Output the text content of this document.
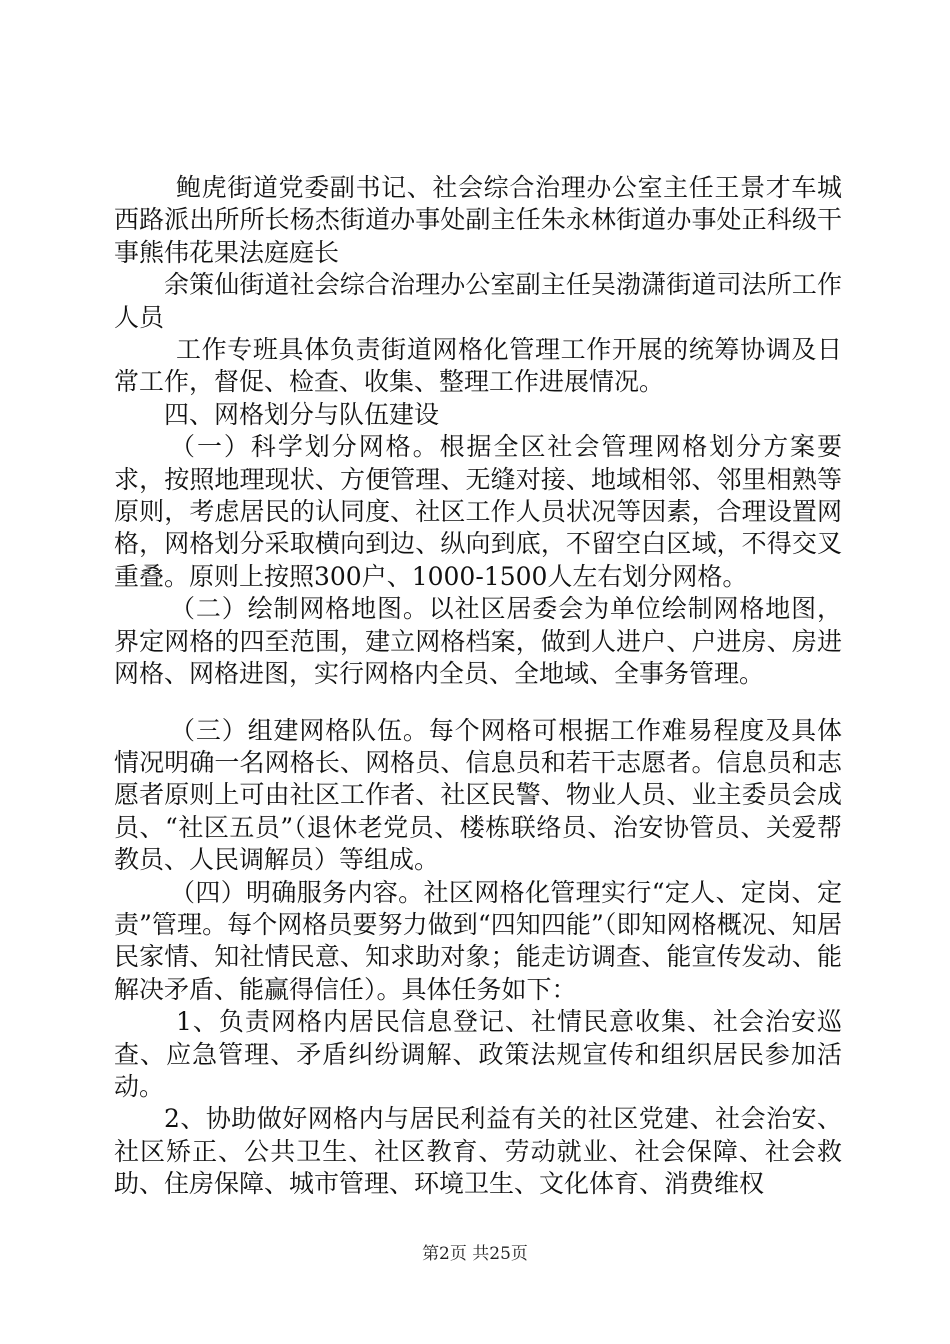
鲍虎街道党委副书记、社会综合治理办公室主任王景才车城西路派出所所长杨杰街道办事处副主任朱永林街道办事处正科级干事熊伟花果法庭庭长

余策仙街道社会综合治理办公室副主任吴渤潇街道司法所工作人员

工作专班具体负责街道网格化管理工作开展的统筹协调及日常工作，督促、检查、收集、整理工作进展情况。

四、网格划分与队伍建设

（一）科学划分网格。根据全区社会管理网格划分方案要求，按照地理现状、方便管理、无缝对接、地域相邻、邻里相熟等原则，考虑居民的认同度、社区工作人员状况等因素，合理设置网格，网格划分采取横向到边、纵向到底，不留空白区域，不得交叉重叠。原则上按照300户、1000-1500人左右划分网格。

（二）绘制网格地图。以社区居委会为单位绘制网格地图，界定网格的四至范围，建立网格档案，做到人进户、户进房、房进网格、网格进图，实行网格内全员、全地域、全事务管理。

（三）组建网格队伍。每个网格可根据工作难易程度及具体情况明确一名网格长、网格员、信息员和若干志愿者。信息员和志愿者原则上可由社区工作者、社区民警、物业人员、业主委员会成员、“社区五员”（退休老党员、楼栋联络员、治安协管员、关爱帮教员、人民调解员）等组成。

（四）明确服务内容。社区网格化管理实行“定人、定岗、定责”管理。每个网格员要努力做到“四知四能”（即知网格概况、知居民家情、知社情民意、知求助对象；能走访调查、能宣传发动、能解决矛盾、能赢得信任）。具体任务如下：

1、负责网格内居民信息登记、社情民意收集、社会治安巡查、应急管理、矛盾纠纷调解、政策法规宣传和组织居民参加活动。

2、协助做好网格内与居民利益有关的社区党建、社会治安、社区矫正、公共卫生、社区教育、劳动就业、社会保障、社会救助、住房保障、城市管理、环境卫生、文化体育、消费维权

第2页 共25页
